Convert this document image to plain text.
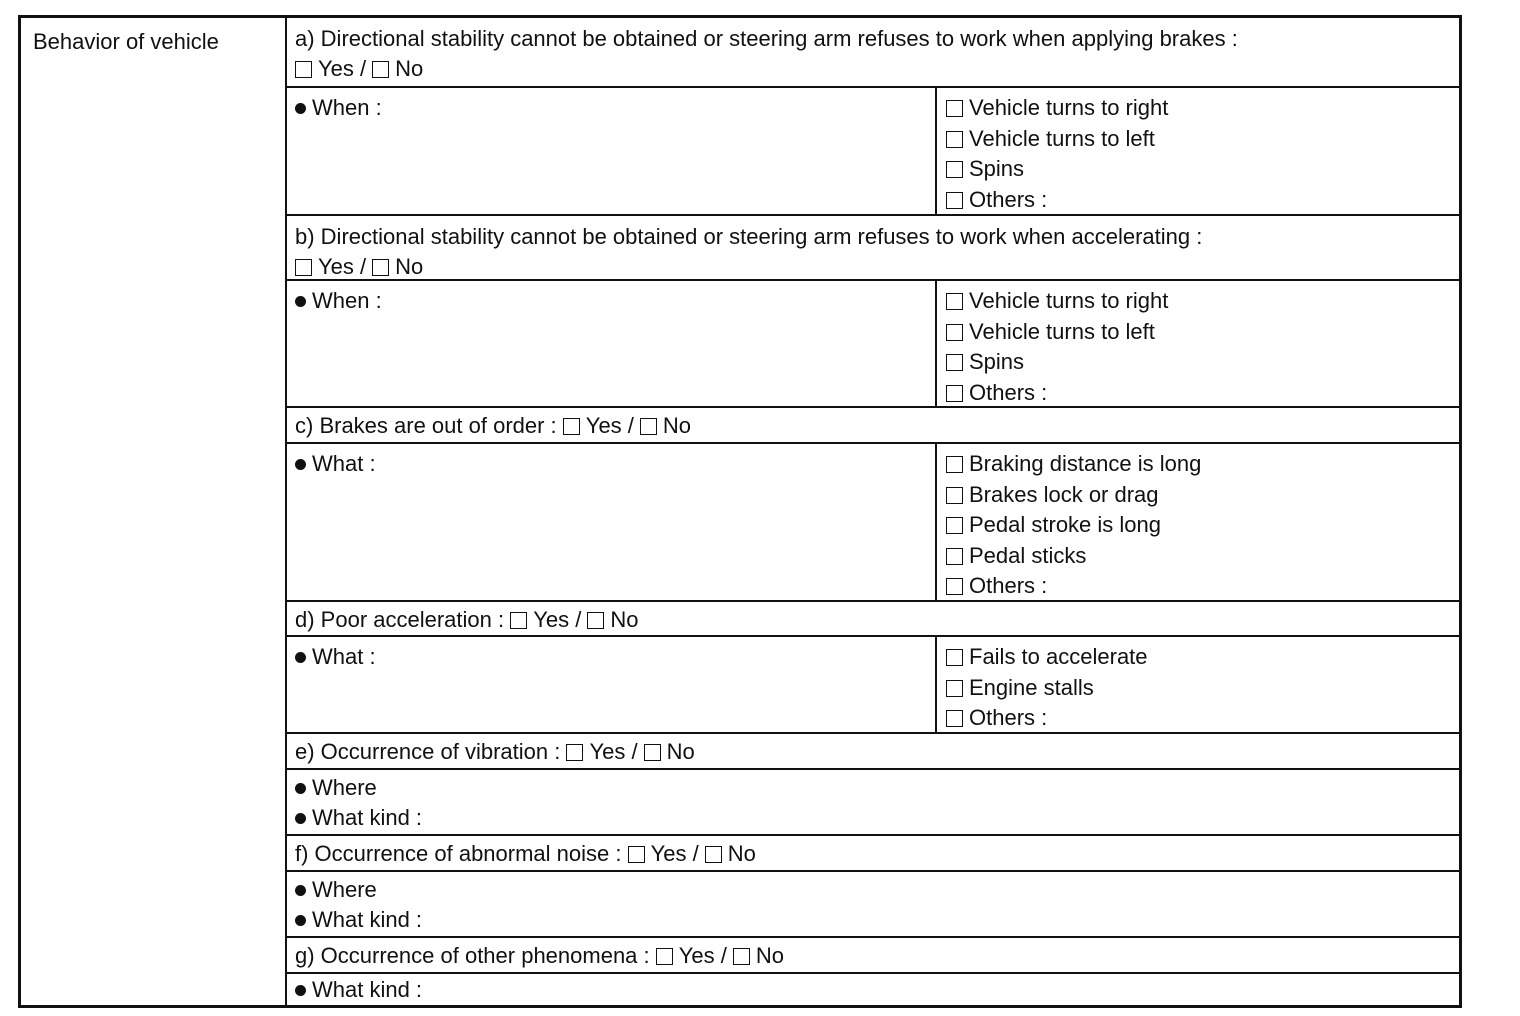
Behavior of vehicle	a) Directional stability cannot be obtained or steering arm refuses to work when applying brakes :
Yes / No
When :	Vehicle turns to right
Vehicle turns to left
Spins
Others :
b) Directional stability cannot be obtained or steering arm refuses to work when accelerating :
Yes / No
When :	Vehicle turns to right
Vehicle turns to left
Spins
Others :
c) Brakes are out of order : Yes / No
What :	Braking distance is long
Brakes lock or drag
Pedal stroke is long
Pedal sticks
Others :
d) Poor acceleration : Yes / No
What :	Fails to accelerate
Engine stalls
Others :
e) Occurrence of vibration : Yes / No
Where
What kind :
f) Occurrence of abnormal noise : Yes / No
Where
What kind :
g) Occurrence of other phenomena : Yes / No
What kind :
